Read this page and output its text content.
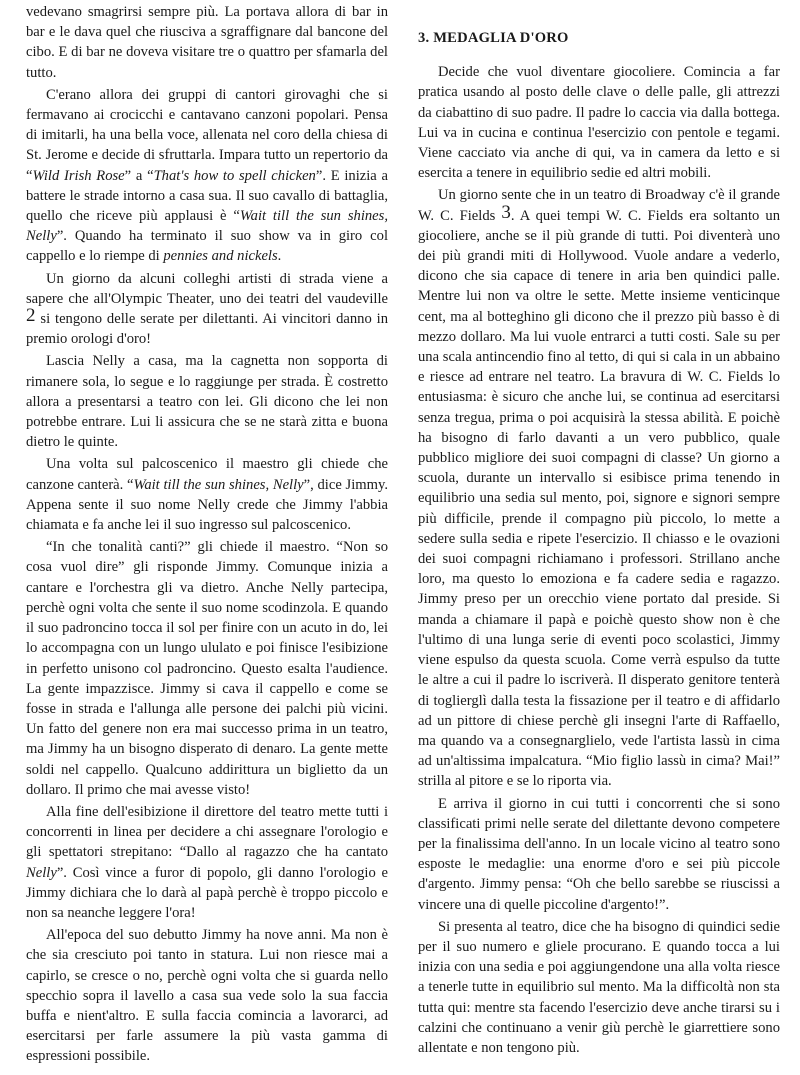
vedevano smagrirsi sempre più. La portava allora di bar in bar e le dava quel che riusciva a sgraffignare dal bancone del cibo. E di bar ne doveva visitare tre o quattro per sfamarla del tutto.

C'erano allora dei gruppi di cantori girovaghi che si fermavano ai crocicchi e cantavano canzoni popolari. Pensa di imitarli, ha una bella voce, allenata nel coro della chiesa di St. Jerome e decide di sfruttarla. Impara tutto un repertorio da “Wild Irish Rose” a “That's how to spell chicken”. E inizia a battere le strade intorno a casa sua. Il suo cavallo di battaglia, quello che riceve più applausi è “Wait till the sun shines, Nelly”. Quando ha terminato il suo show va in giro col cappello e lo riempe di pennies and nickels.

Un giorno da alcuni colleghi artisti di strada viene a sapere che all'Olympic Theater, uno dei teatri del vaudeville 2 si tengono delle serate per dilettanti. Ai vincitori danno in premio orologi d'oro!

Lascia Nelly a casa, ma la cagnetta non sopporta di rimanere sola, lo segue e lo raggiunge per strada. È costretto allora a presentarsi a teatro con lei. Gli dicono che lei non potrebbe entrare. Lui li assicura che se ne starà zitta e buona dietro le quinte.

Una volta sul palcoscenico il maestro gli chiede che canzone canterà. “Wait till the sun shines, Nelly”, dice Jimmy. Appena sente il suo nome Nelly crede che Jimmy l'abbia chiamata e fa anche lei il suo ingresso sul palcoscenico.

“In che tonalità canti?” gli chiede il maestro. “Non so cosa vuol dire” gli risponde Jimmy. Comunque inizia a cantare e l'orchestra gli va dietro. Anche Nelly partecipa, perchè ogni volta che sente il suo nome scodinzola. E quando il suo padroncino tocca il sol per finire con un acuto in do, lei lo accompagna con un lungo ululato e poi finisce l'esibizione in perfetto unisono col padroncino. Questo esalta l'audience. La gente impazzisce. Jimmy si cava il cappello e come se fosse in strada e l'allunga alle persone dei palchi più vicini. Un fatto del genere non era mai successo prima in un teatro, ma Jimmy ha un bisogno disperato di denaro. La gente mette soldi nel cappello. Qualcuno addirittura un biglietto da un dollaro. Il primo che mai avesse visto!

Alla fine dell'esibizione il direttore del teatro mette tutti i concorrenti in linea per decidere a chi assegnare l'orologio e gli spettatori strepitano: “Dallo al ragazzo che ha cantato Nelly”. Così vince a furor di popolo, gli danno l'orologio e Jimmy dichiara che lo darà al papà perchè è troppo piccolo e non sa neanche leggere l'ora!

All'epoca del suo debutto Jimmy ha nove anni. Ma non è che sia cresciuto poi tanto in statura. Lui non riesce mai a capirlo, se cresce o no, perchè ogni volta che si guarda nello specchio sopra il lavello a casa sua vede solo la sua faccia buffa e nient'altro. E sulla faccia comincia a lavorarci, ad esercitarsi per farle assumere la più vasta gamma di espressioni possibile.

3. MEDAGLIA D'ORO

Decide che vuol diventare giocoliere. Comincia a far pratica usando al posto delle clave o delle palle, gli attrezzi da ciabattino di suo padre. Il padre lo caccia via dalla bottega. Lui va in cucina e continua l'esercizio con pentole e tegami. Viene cacciato via anche di qui, va in camera da letto e si esercita a tenere in equilibrio sedie ed altri mobili.

Un giorno sente che in un teatro di Broadway c'è il grande W. C. Fields 3. A quei tempi W. C. Fields era soltanto un giocoliere, anche se il più grande di tutti. Poi diventerà uno dei più grandi miti di Hollywood. Vuole andare a vederlo, dicono che sia capace di tenere in aria ben quindici palle. Mentre lui non va oltre le sette. Mette insieme venticinque cent, ma al botteghino gli dicono che il prezzo più basso è di mezzo dollaro. Ma lui vuole entrarci a tutti costi. Sale su per una scala antincendio fino al tetto, di qui si cala in un abbaino e riesce ad entrare nel teatro. La bravura di W. C. Fields lo entusiasma: è sicuro che anche lui, se continua ad esercitarsi senza tregua, prima o poi acquisirà la stessa abilità. E poichè ha bisogno di farlo davanti a un vero pubblico, quale pubblico migliore dei suoi compagni di classe? Un giorno a scuola, durante un intervallo si esibisce prima tenendo in equilibrio una sedia sul mento, poi, signore e signori sempre più difficile, prende il compagno più piccolo, lo mette a sedere sulla sedia e ripete l'esercizio. Il chiasso e le ovazioni dei suoi compagni richiamano i professori. Strillano anche loro, ma questo lo emoziona e fa cadere sedia e ragazzo. Jimmy preso per un orecchio viene portato dal preside. Si manda a chiamare il papà e poichè questo show non è che l'ultimo di una lunga serie di eventi poco scolastici, Jimmy viene espulso da questa scuola. Come verrà espulso da tutte le altre a cui il padre lo iscriverà. Il disperato genitore tenterà di toglierglì dalla testa la fissazione per il teatro e di affidarlo ad un pittore di chiese perchè gli insegni l'arte di Raffaello, ma quando va a consegnarglielo, vede l'artista lassù in cima ad un'altissima impalcatura. “Mio figlio lassù in cima? Mai!” strilla al pitore e se lo riporta via.

E arriva il giorno in cui tutti i concorrenti che si sono classificati primi nelle serate del dilettante devono competere per la finalissima dell'anno. In un locale vicino al teatro sono esposte le medaglie: una enorme d'oro e sei più piccole d'argento. Jimmy pensa: “Oh che bello sarebbe se riuscissi a vincere una di quelle piccoline d'argento!”.

Si presenta al teatro, dice che ha bisogno di quindici sedie per il suo numero e gliele procurano. E quando tocca a lui inizia con una sedia e poi aggiungendone una alla volta riesce a tenerle tutte in equilibrio sul mento. Ma la difficoltà non sta tutta qui: mentre sta facendo l'esercizio deve anche tirarsi su i calzini che continuano a venir giù perchè le giarrettiere sono allentate e non tengono più.
